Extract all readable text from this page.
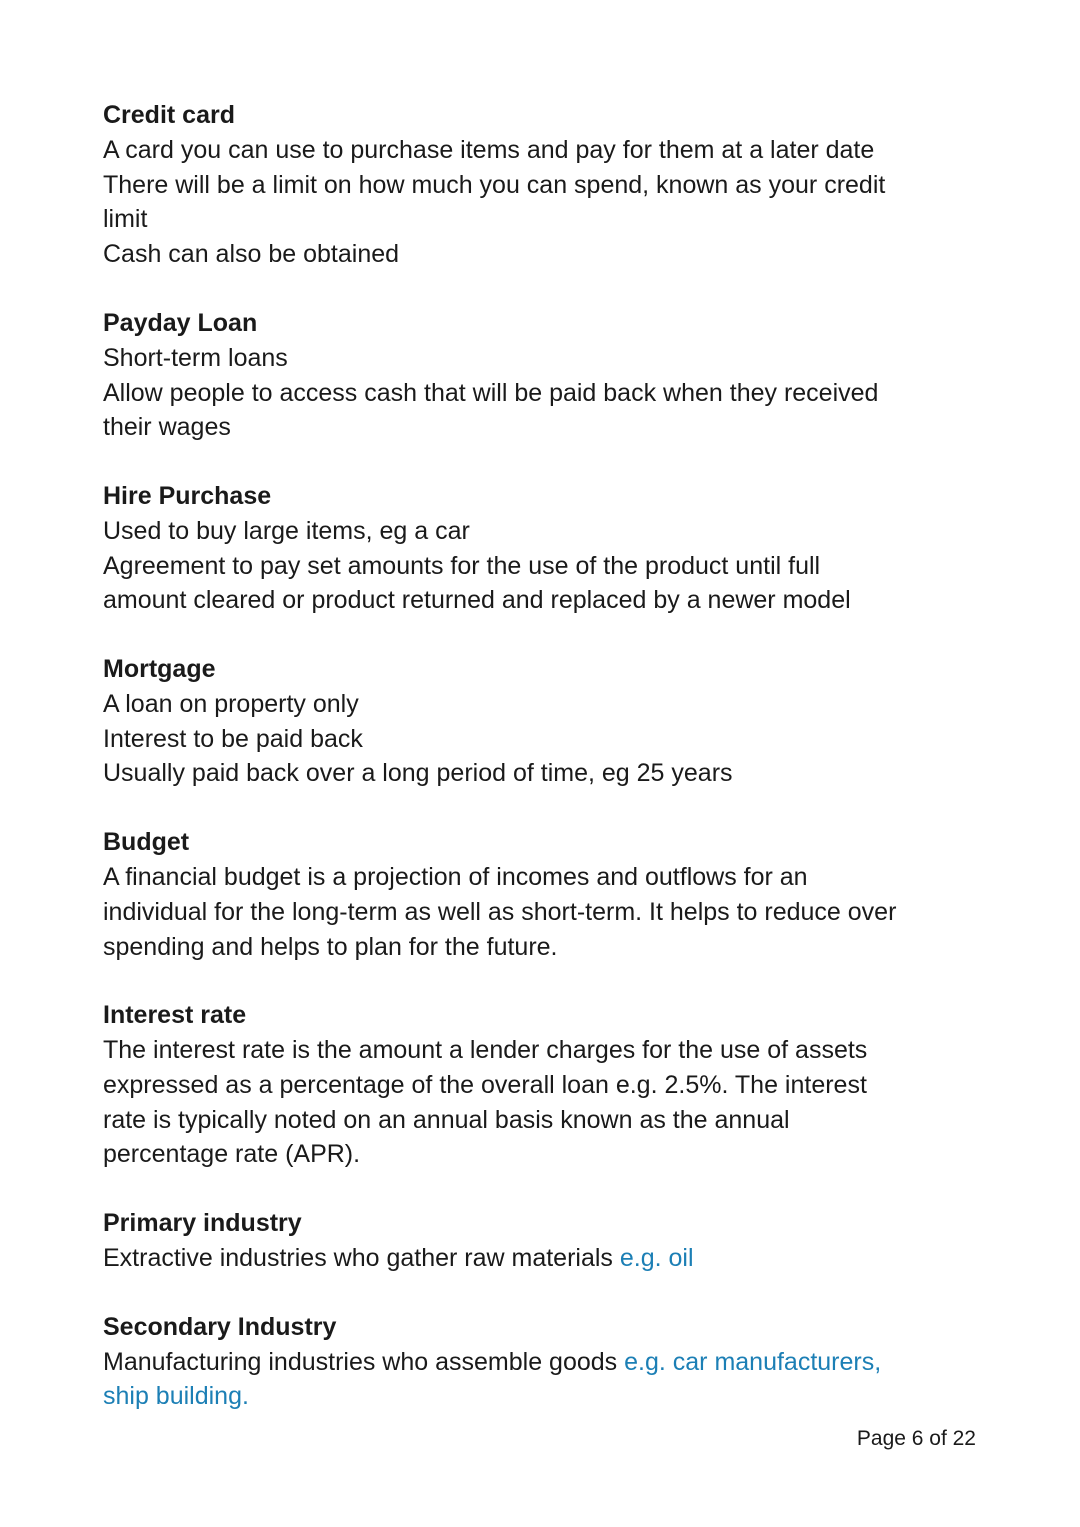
Credit card

A card you can use to purchase items and pay for them at a later date
There will be a limit on how much you can spend, known as your credit
limit
Cash can also be obtained

Payday Loan

Short-term loans
Allow people to access cash that will be paid back when they received
their wages

Hire Purchase

Used to buy large items, eg a car
Agreement to pay set amounts for the use of the product until full
amount cleared or product returned and replaced by a newer model

Mortgage

A loan on property only
Interest to be paid back
Usually paid back over a long period of time, eg 25 years

Budget

A financial budget is a projection of incomes and outflows for an
individual for the long-term as well as short-term. It helps to reduce over
spending and helps to plan for the future.

Interest rate

The interest rate is the amount a lender charges for the use of assets
expressed as a percentage of the overall loan e.g. 2.5%. The interest
rate is typically noted on an annual basis known as the annual
percentage rate (APR).

Primary industry

Extractive industries who gather raw materials e.g. oil

Secondary Industry

Manufacturing industries who assemble goods e.g. car manufacturers,
ship building.

Page 6 of 22
